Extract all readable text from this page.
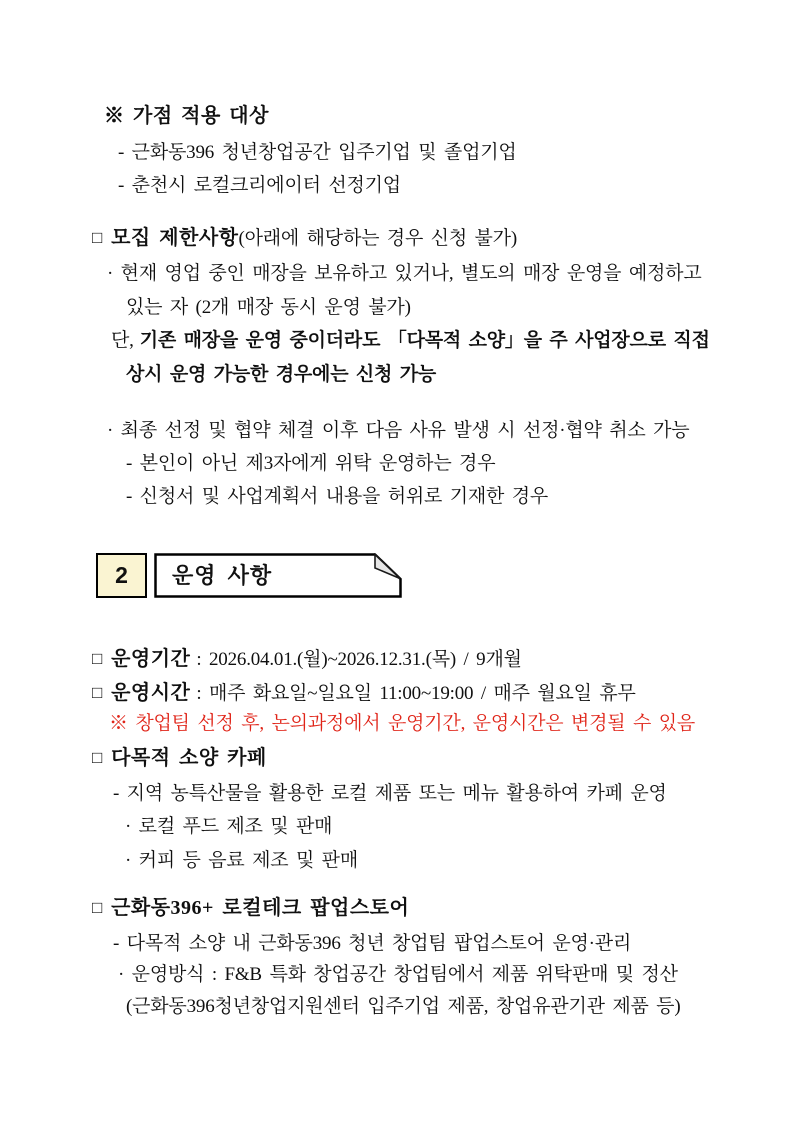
※ 가점 적용 대상
- 근화동396 청년창업공간 입주기업 및 졸업기업
- 춘천시 로컬크리에이터 선정기업
□ 모집 제한사항(아래에 해당하는 경우 신청 불가)
· 현재 영업 중인 매장을 보유하고 있거나, 별도의 매장 운영을 예정하고
있는 자 (2개 매장 동시 운영 불가)
단, 기존 매장을 운영 중이더라도 「다목적 소양」을 주 사업장으로 직접
상시 운영 가능한 경우에는 신청 가능
· 최종 선정 및 협약 체결 이후 다음 사유 발생 시 선정·협약 취소 가능
- 본인이 아닌 제3자에게 위탁 운영하는 경우
- 신청서 및 사업계획서 내용을 허위로 기재한 경우
2	운영 사항
□ 운영기간 : 2026.04.01.(월)~2026.12.31.(목) / 9개월
□ 운영시간 : 매주 화요일~일요일 11:00~19:00 / 매주 월요일 휴무
※ 창업팀 선정 후, 논의과정에서 운영기간, 운영시간은 변경될 수 있음
□ 다목적 소양 카페
- 지역 농특산물을 활용한 로컬 제품 또는 메뉴 활용하여 카페 운영
· 로컬 푸드 제조 및 판매
· 커피 등 음료 제조 및 판매
□ 근화동396+ 로컬테크 팝업스토어
- 다목적 소양 내 근화동396 청년 창업팀 팝업스토어 운영·관리
· 운영방식 : F&B 특화 창업공간 창업팀에서 제품 위탁판매 및 정산
(근화동396청년창업지원센터 입주기업 제품, 창업유관기관 제품 등)
